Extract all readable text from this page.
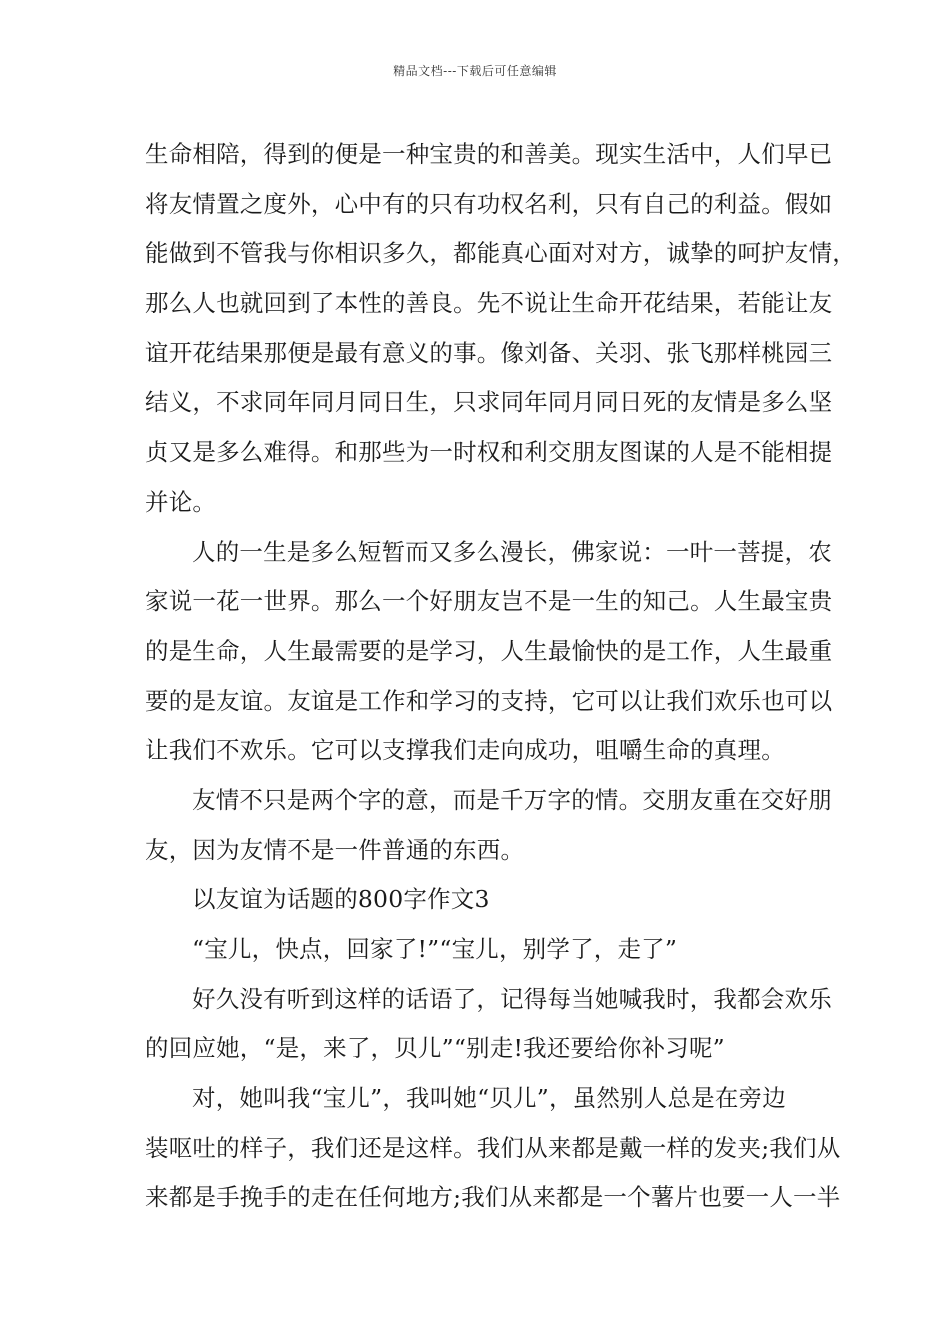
精品文档---下载后可任意编辑
生命相陪，得到的便是一种宝贵的和善美。现实生活中，人们早已
将友情置之度外，心中有的只有功权名利，只有自己的利益。假如
能做到不管我与你相识多久，都能真心面对对方，诚挚的呵护友情，
那么人也就回到了本性的善良。先不说让生命开花结果，若能让友
谊开花结果那便是最有意义的事。像刘备、关羽、张飞那样桃园三
结义，不求同年同月同日生，只求同年同月同日死的友情是多么坚
贞又是多么难得。和那些为一时权和利交朋友图谋的人是不能相提
并论。
人的一生是多么短暂而又多么漫长，佛家说：一叶一菩提，农
家说一花一世界。那么一个好朋友岂不是一生的知己。人生最宝贵
的是生命，人生最需要的是学习，人生最愉快的是工作，人生最重
要的是友谊。友谊是工作和学习的支持，它可以让我们欢乐也可以
让我们不欢乐。它可以支撑我们走向成功，咀嚼生命的真理。
友情不只是两个字的意，而是千万字的情。交朋友重在交好朋
友，因为友情不是一件普通的东西。
以友谊为话题的800字作文3
“宝儿，快点，回家了!”“宝儿，别学了，走了”
好久没有听到这样的话语了，记得每当她喊我时，我都会欢乐
的回应她，“是，来了，贝儿”“别走!我还要给你补习呢”
对，她叫我“宝儿”，我叫她“贝儿”，虽然别人总是在旁边
装呕吐的样子，我们还是这样。我们从来都是戴一样的发夹;我们从
来都是手挽手的走在任何地方;我们从来都是一个薯片也要一人一半
